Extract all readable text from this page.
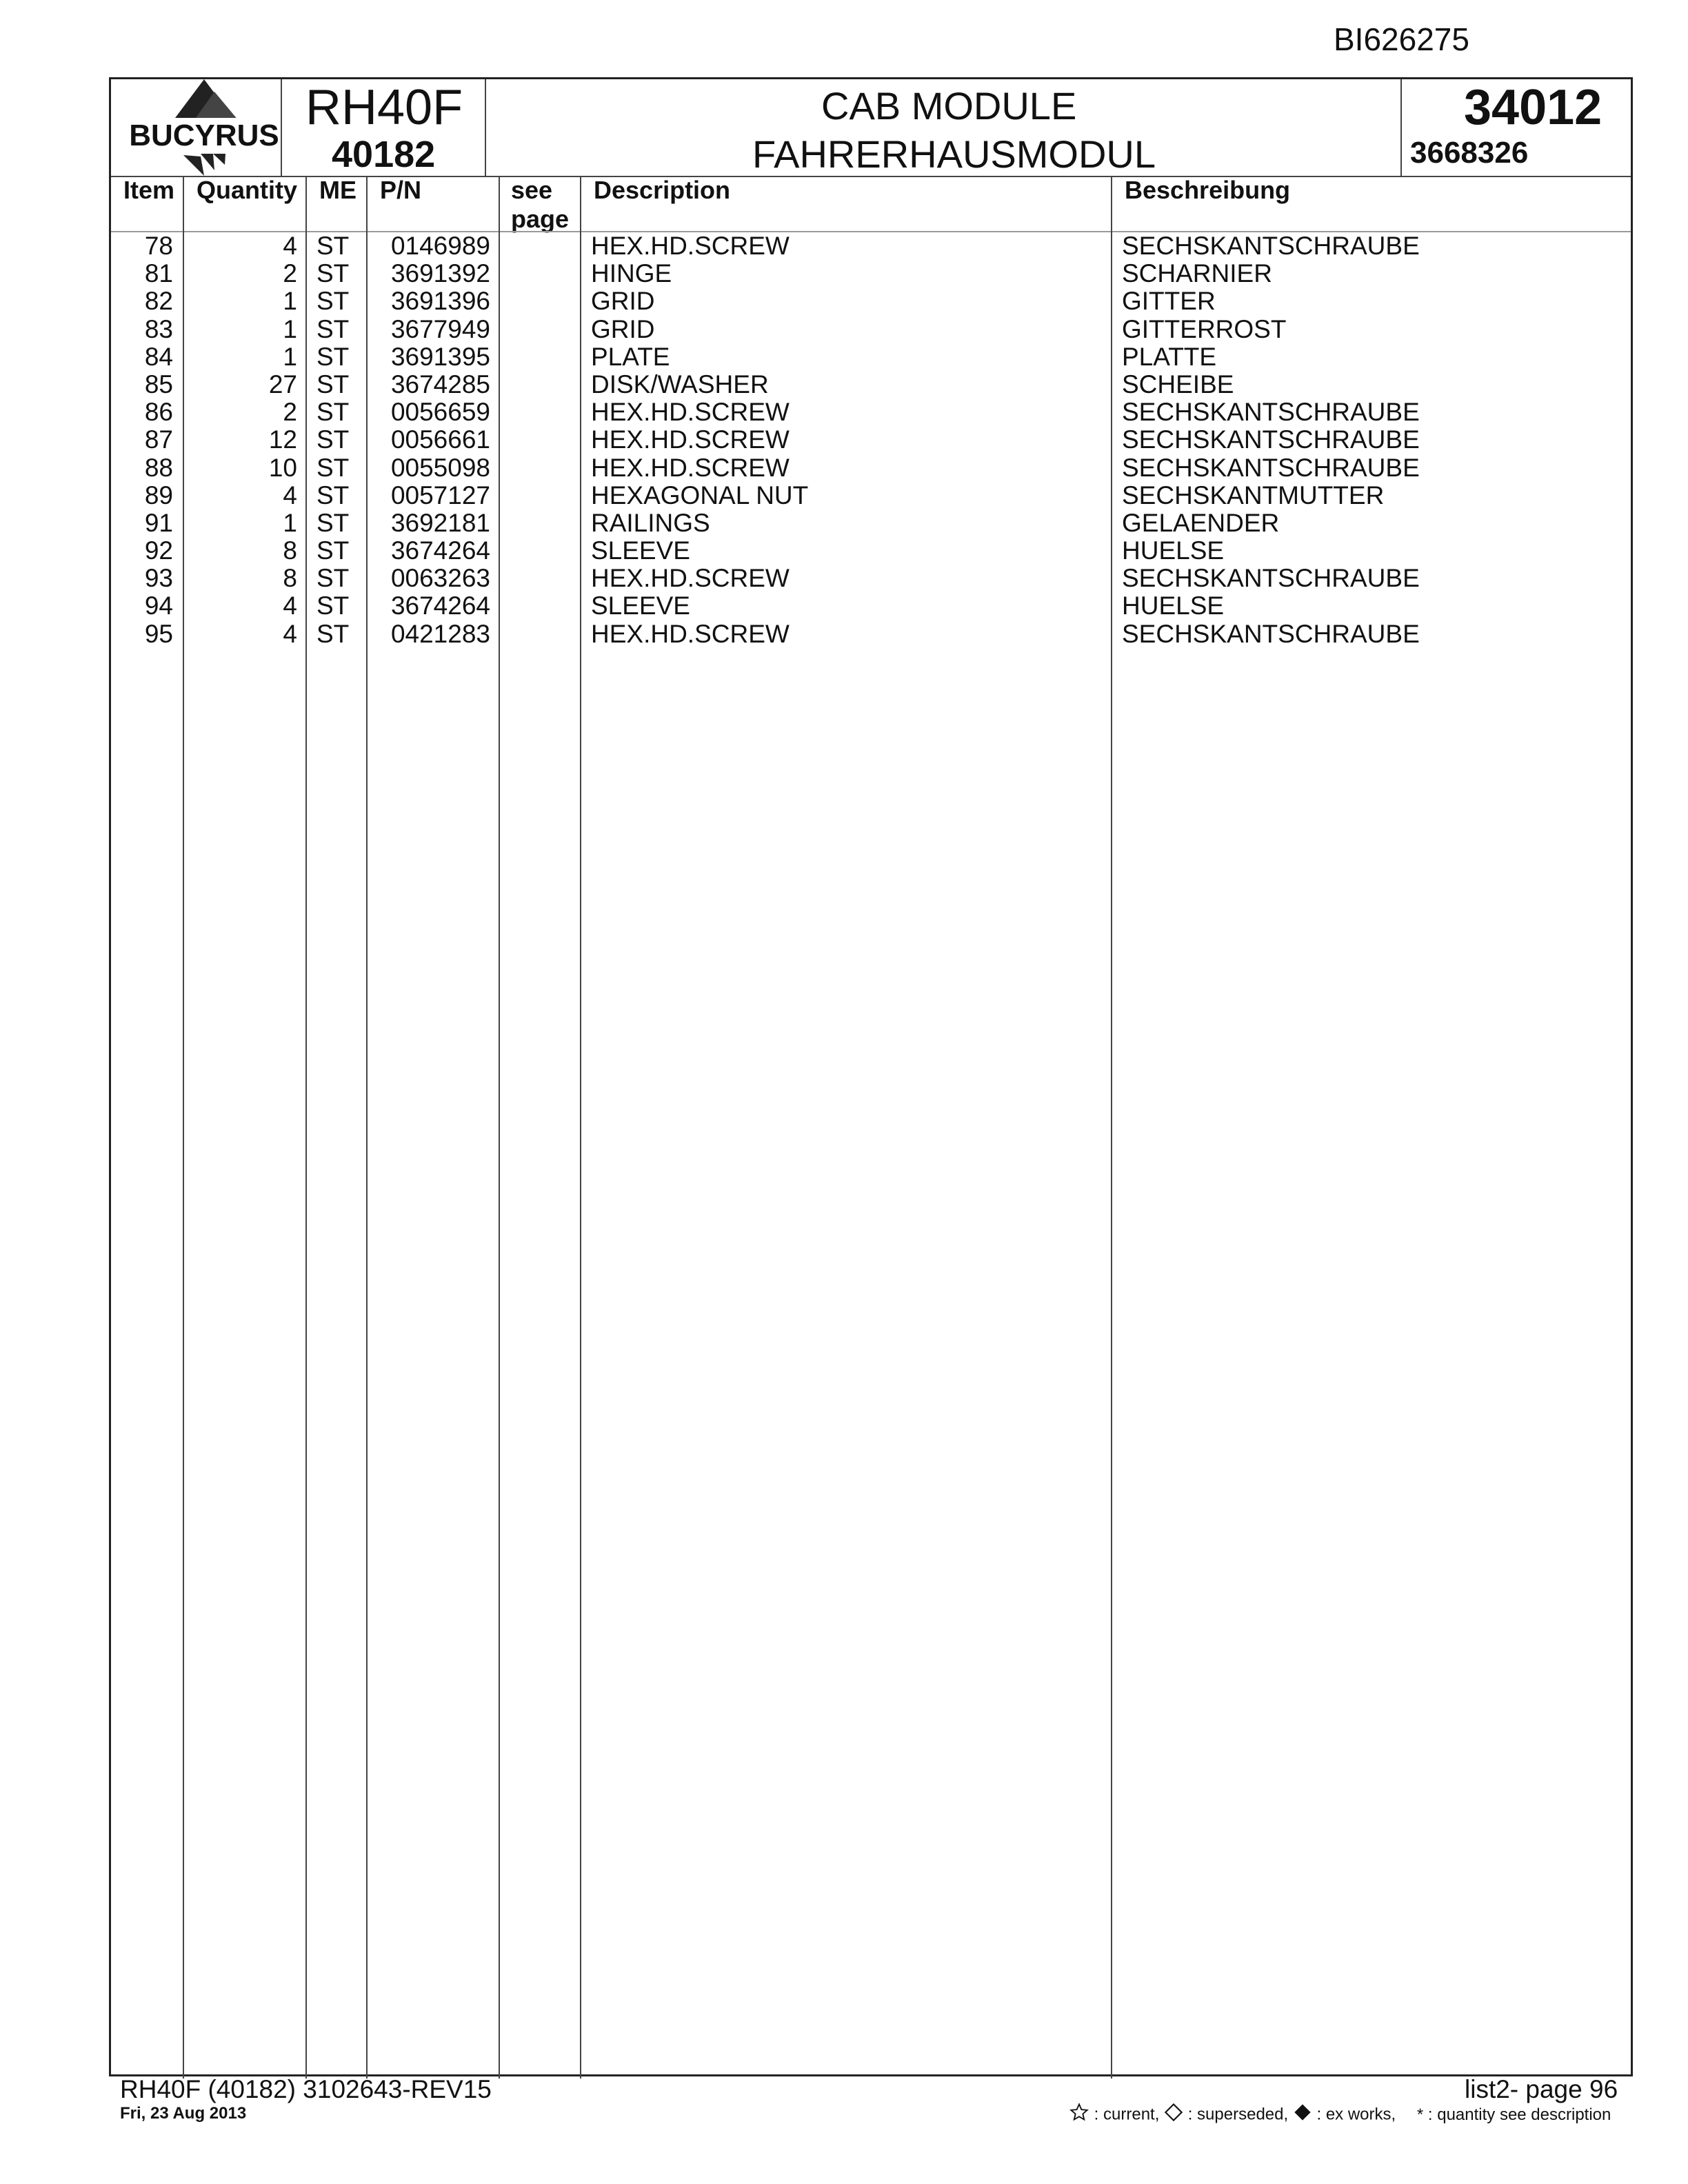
BI626275
BUCYRUS
RH40F
40182
CAB MODULE
FAHRERHAUSMODUL
34012
3668326
Item Quantity ME P/N	see
page
Description	Beschreibung
78	4 ST	0146989	HEX.HD.SCREW	SECHSKANTSCHRAUBE
81	2 ST	3691392	HINGE	SCHARNIER
82	1 ST	3691396	GRID	GITTER
83	1 ST	3677949	GRID	GITTERROST
84	1 ST	3691395	PLATE	PLATTE
85	27 ST	3674285	DISK/WASHER	SCHEIBE
86	2 ST	0056659	HEX.HD.SCREW	SECHSKANTSCHRAUBE
87	12 ST	0056661	HEX.HD.SCREW	SECHSKANTSCHRAUBE
88	10 ST	0055098	HEX.HD.SCREW	SECHSKANTSCHRAUBE
89	4 ST	0057127	HEXAGONAL NUT	SECHSKANTMUTTER
91	1 ST	3692181	RAILINGS	GELAENDER
92	8 ST	3674264	SLEEVE	HUELSE
93	8 ST	0063263	HEX.HD.SCREW	SECHSKANTSCHRAUBE
94	4 ST	3674264	SLEEVE	HUELSE
95	4 ST	0421283	HEX.HD.SCREW	SECHSKANTSCHRAUBE
RH40F (40182) 3102643-REV15
Fri, 23 Aug 2013
list2- page 96
: current, : superseded, : ex works, * : quantity see description
